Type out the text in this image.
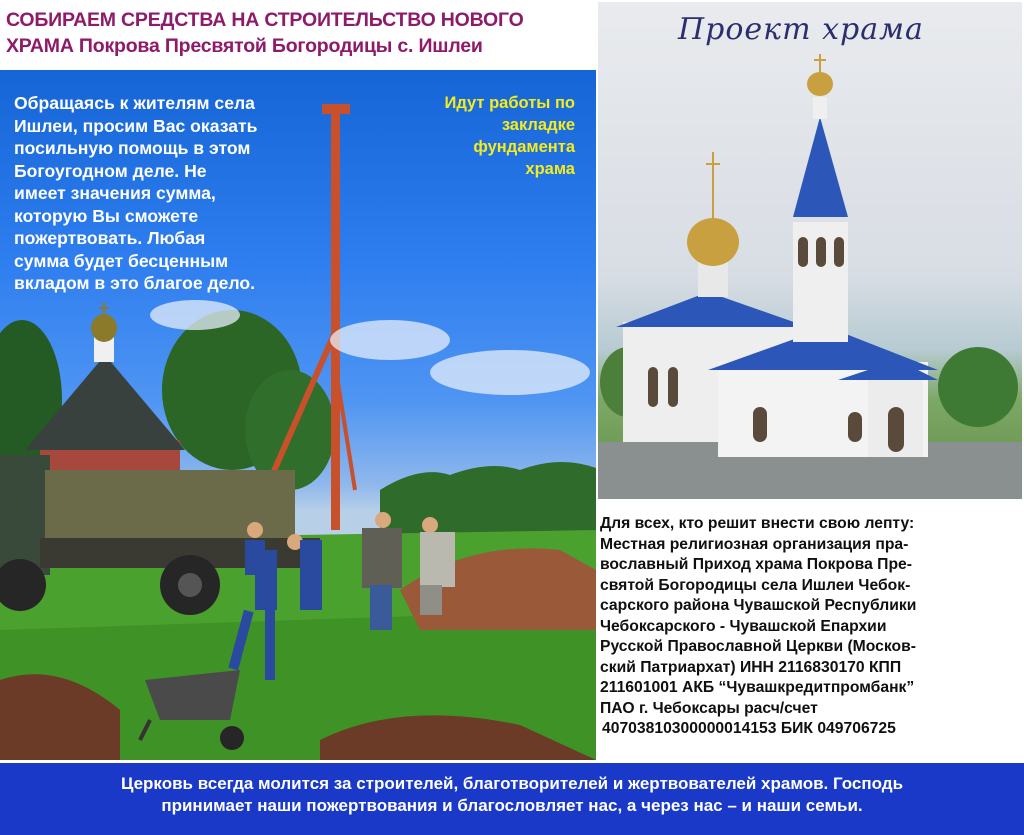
СОБИРАЕМ СРЕДСТВА НА СТРОИТЕЛЬСТВО НОВОГО
ХРАМА Покрова Пресвятой Богородицы с. Ишлеи
Обращаясь к жителям села
Ишлеи, просим Вас оказать
посильную помощь в этом
Богоугодном деле. Не
имеет значения сумма,
которую Вы сможете
пожертвовать. Любая
сумма будет бесценным
вкладом в это благое дело.
Идут работы по
закладке
фундамента
храма
Проект храма

Для всех, кто решит внести свою лепту:

Местная религиозная организация пра-

вославный Приход храма Покрова Пре-

святой Богородицы села Ишлеи Чебок-

сарского района Чувашской Республики

Чебоксарского - Чувашской Епархии

Русской Православной Церкви (Москов-

ский Патриархат) ИНН 2116830170 КПП

211601001 АКБ “Чувашкредитпромбанк”

ПАО г. Чебоксары расч/счет

40703810300000014153 БИК 049706725

Церковь всегда молится за строителей, благотворителей и жертвователей храмов. Господь
принимает наши пожертвования и благословляет нас, а через нас – и наши семьи.
